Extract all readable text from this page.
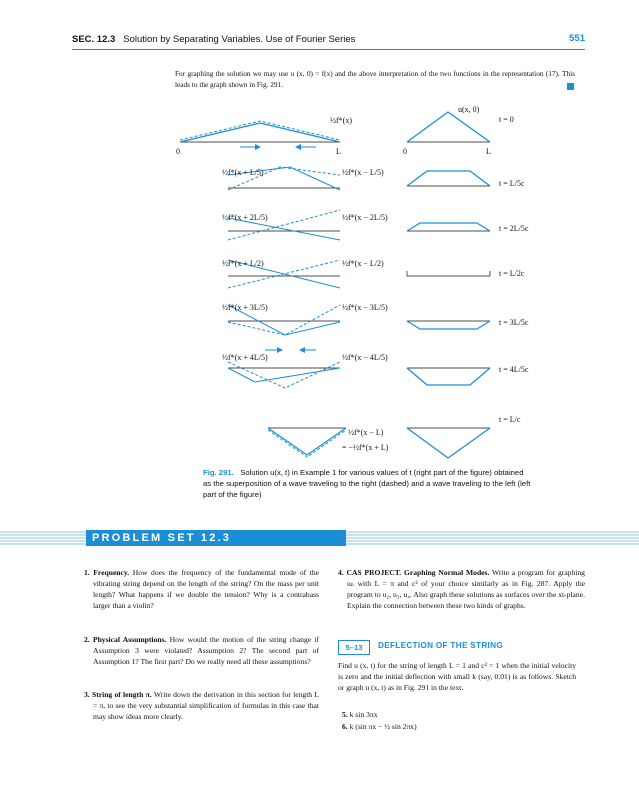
SEC. 12.3 Solution by Separating Variables. Use of Fourier Series	551
For graphing the solution we may use u (x, 0) = f(x) and the above interpretation of the two functions in the representation (17). This leads to the graph shown in Fig. 291.
½f*(x)
0	L	0	L
u(x, 0)
½f*(x + L/5)
½f*(x + 2L/5)
½f*(x + L/2)
½f*(x + 3L/5)
½f*(x + 4L/5)
½f*(x − L/5)
½f*(x − 2L/5)
½f*(x − L/2)
½f*(x − 3L/5)
½f*(x − 4L/5)
½f*(x − L)
= −½f*(x + L)
t = 0
t = L/5c
t = 2L/5c
t = L/2c
t = 3L/5c
t = 4L/5c
t = L/c
Fig. 291. Solution u(x, t) in Example 1 for various values of t (right part of the figure) obtained as the superposition of a wave traveling to the right (dashed) and a wave traveling to the left (left part of the figure)
PROBLEM SET 12.3
1. Frequency. How does the frequency of the fundamental mode of the vibrating string depend on the length of the string? On the mass per unit length? What happens if we double the tension? Why is a contrabass larger than a violin?
2. Physical Assumptions. How would the motion of the string change if Assumption 3 were violated? Assumption 2? The second part of Assumption 1? The first part? Do we really need all these assumptions?
3. String of length π. Write down the derivation in this section for length L = π, to see the very substantial simplification of formulas in this case that may show ideas more clearly.
4. CAS PROJECT. Graphing Normal Modes. Write a program for graphing uₙ with L = π and c² of your choice similarly as in Fig. 287. Apply the program to u₂, u₃, u₄. Also graph these solutions as surfaces over the xt-plane. Explain the connection between these two kinds of graphs.
5–13	DEFLECTION OF THE STRING
Find u (x, t) for the string of length L = 1 and c² = 1 when the initial velocity is zero and the initial deflection with small k (say, 0.01) is as follows. Sketch or graph u (x, t) as in Fig. 291 in the text.
5. k sin 3πx
6. k (sin πx − ½ sin 2πx)
